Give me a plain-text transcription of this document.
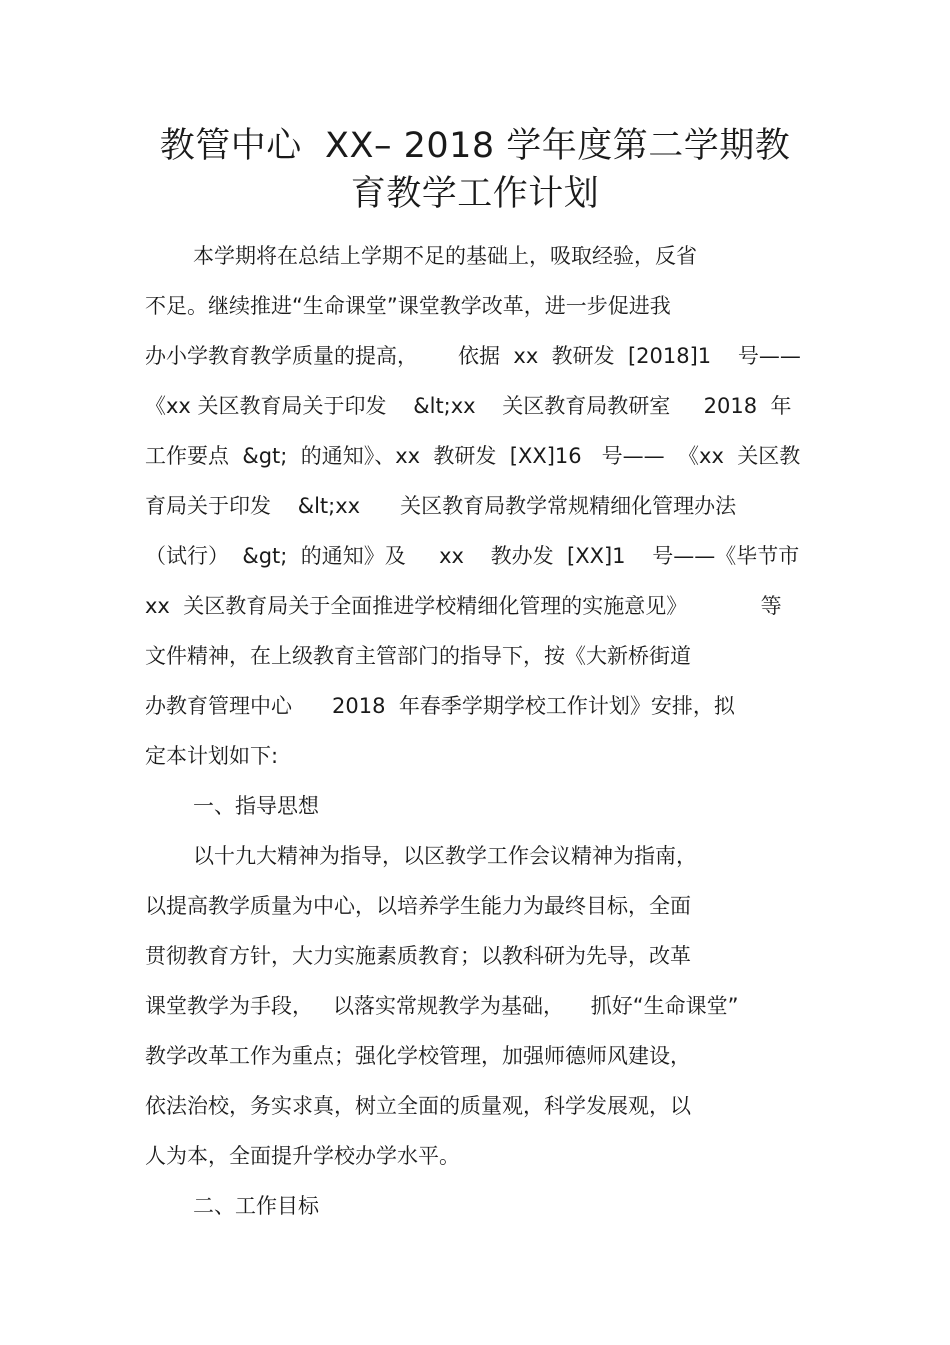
教管中心  XX– 2018 学年度第二学期教
育教学工作计划
本学期将在总结上学期不足的基础上，吸取经验，反省
不足。继续推进“生命课堂”课堂教学改革，进一步促进我
办小学教育教学质量的提高，      依据  xx  教研发  [2018]1    号——
《xx 关区教育局关于印发    &lt;xx    关区教育局教研室     2018  年
工作要点  &gt;  的通知》、xx  教研发  [XX]16   号——  《xx  关区教
育局关于印发    &lt;xx      关区教育局教学常规精细化管理办法
（试行）  &gt;  的通知》及     xx    教办发  [XX]1    号——《毕节市
xx  关区教育局关于全面推进学校精细化管理的实施意见》           等
文件精神，在上级教育主管部门的指导下，按《大新桥街道
办教育管理中心      2018  年春季学期学校工作计划》安排，拟
定本计划如下:
一、指导思想
以十九大精神为指导，以区教学工作会议精神为指南，
以提高教学质量为中心，以培养学生能力为最终目标，全面
贯彻教育方针，大力实施素质教育；以教科研为先导，改革
课堂教学为手段，   以落实常规教学为基础，    抓好“生命课堂”
教学改革工作为重点；强化学校管理，加强师德师风建设，
依法治校，务实求真，树立全面的质量观，科学发展观，以
人为本，全面提升学校办学水平。
二、工作目标
